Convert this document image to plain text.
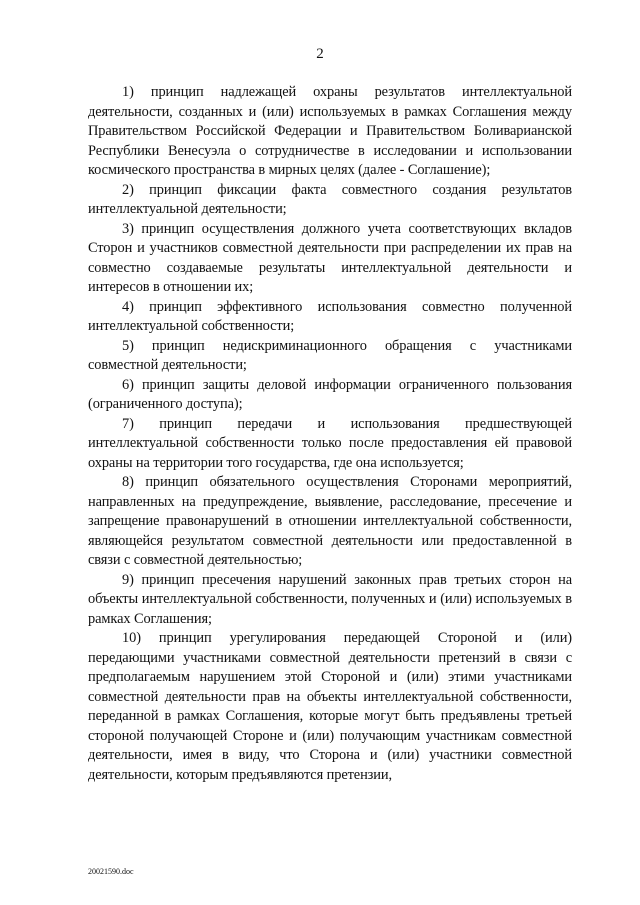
2

1) принцип надлежащей охраны результатов интеллектуальной деятельности, созданных и (или) используемых в рамках Соглашения между Правительством Российской Федерации и Правительством Боливарианской Республики Венесуэла о сотрудничестве в исследовании и использовании космического пространства в мирных целях (далее - Соглашение);

2) принцип фиксации факта совместного создания результатов интеллектуальной деятельности;

3) принцип осуществления должного учета соответствующих вкладов Сторон и участников совместной деятельности при распределении их прав на совместно создаваемые результаты интеллектуальной деятельности и интересов в отношении их;

4) принцип эффективного использования совместно полученной интеллектуальной собственности;

5) принцип недискриминационного обращения с участниками совместной деятельности;

6) принцип защиты деловой информации ограниченного пользования (ограниченного доступа);

7) принцип передачи и использования предшествующей интеллектуальной собственности только после предоставления ей правовой охраны на территории того государства, где она используется;

8) принцип обязательного осуществления Сторонами мероприятий, направленных на предупреждение, выявление, расследование, пресечение и запрещение правонарушений в отношении интеллектуальной собственности, являющейся результатом совместной деятельности или предоставленной в связи с совместной деятельностью;

9) принцип пресечения нарушений законных прав третьих сторон на объекты интеллектуальной собственности, полученных и (или) используемых в рамках Соглашения;

10) принцип урегулирования передающей Стороной и (или) передающими участниками совместной деятельности претензий в связи с предполагаемым нарушением этой Стороной и (или) этими участниками совместной деятельности прав на объекты интеллектуальной собственности, переданной в рамках Соглашения, которые могут быть предъявлены третьей стороной получающей Стороне и (или) получающим участникам совместной деятельности, имея в виду, что Сторона и (или) участники совместной деятельности, которым предъявляются претензии,

20021590.doc
